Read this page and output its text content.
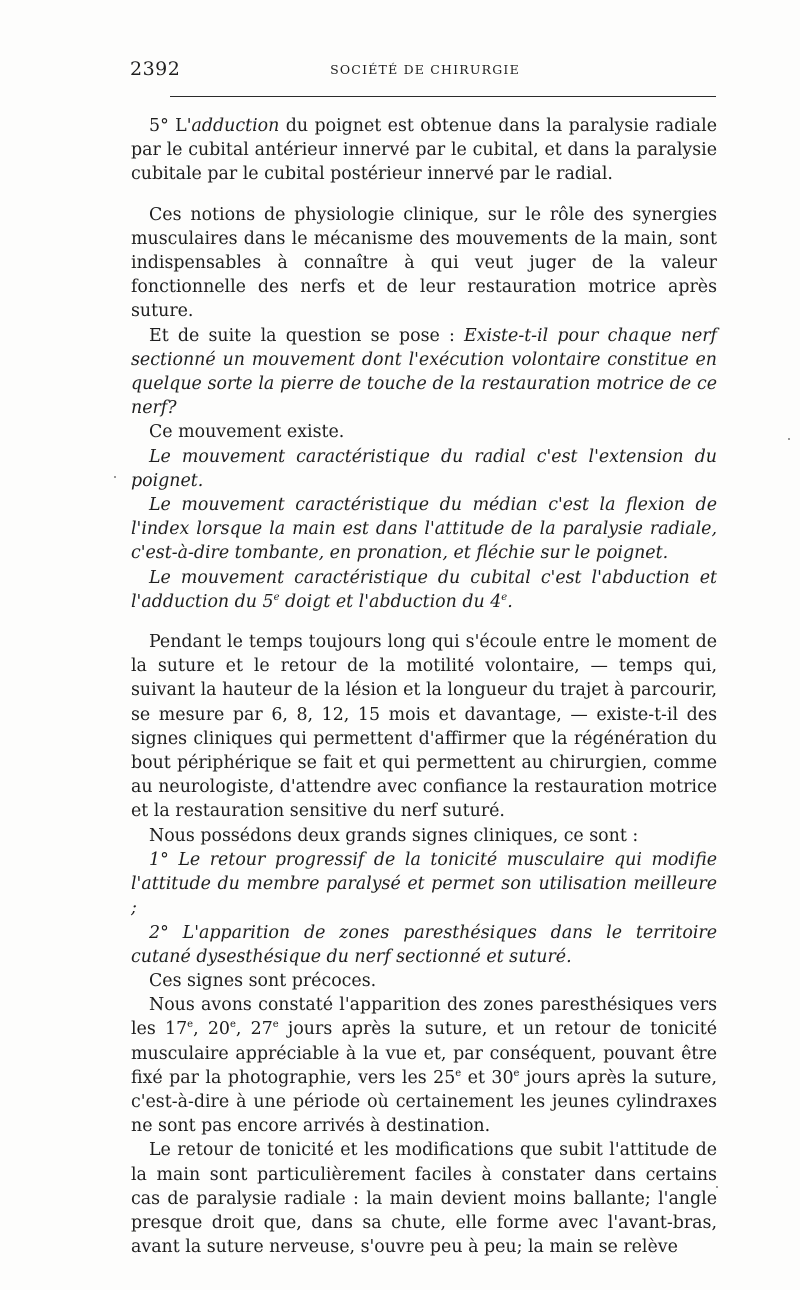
2392	SOCIÉTÉ DE CHIRURGIE

5° L'adduction du poignet est obtenue dans la paralysie radiale par le cubital antérieur innervé par le cubital, et dans la paralysie cubitale par le cubital postérieur innervé par le radial.

Ces notions de physiologie clinique, sur le rôle des synergies musculaires dans le mécanisme des mouvements de la main, sont indispensables à connaître à qui veut juger de la valeur fonctionnelle des nerfs et de leur restauration motrice après suture.

Et de suite la question se pose : Existe-t-il pour chaque nerf sectionné un mouvement dont l'exécution volontaire constitue en quelque sorte la pierre de touche de la restauration motrice de ce nerf?

Ce mouvement existe.

Le mouvement caractéristique du radial c'est l'extension du poignet.

Le mouvement caractéristique du médian c'est la flexion de l'index lorsque la main est dans l'attitude de la paralysie radiale, c'est-à-dire tombante, en pronation, et fléchie sur le poignet.

Le mouvement caractéristique du cubital c'est l'abduction et l'adduction du 5e doigt et l'abduction du 4e.

Pendant le temps toujours long qui s'écoule entre le moment de la suture et le retour de la motilité volontaire, — temps qui, suivant la hauteur de la lésion et la longueur du trajet à parcourir, se mesure par 6, 8, 12, 15 mois et davantage, — existe-t-il des signes cliniques qui permettent d'affirmer que la régénération du bout périphérique se fait et qui permettent au chirurgien, comme au neurologiste, d'attendre avec confiance la restauration motrice et la restauration sensitive du nerf suturé.

Nous possédons deux grands signes cliniques, ce sont :

1° Le retour progressif de la tonicité musculaire qui modifie l'attitude du membre paralysé et permet son utilisation meilleure ;

2° L'apparition de zones paresthésiques dans le territoire cutané dysesthésique du nerf sectionné et suturé.

Ces signes sont précoces.

Nous avons constaté l'apparition des zones paresthésiques vers les 17e, 20e, 27e jours après la suture, et un retour de tonicité musculaire appréciable à la vue et, par conséquent, pouvant être fixé par la photographie, vers les 25e et 30e jours après la suture, c'est-à-dire à une période où certainement les jeunes cylindraxes ne sont pas encore arrivés à destination.

Le retour de tonicité et les modifications que subit l'attitude de la main sont particulièrement faciles à constater dans certains cas de paralysie radiale : la main devient moins ballante; l'angle presque droit que, dans sa chute, elle forme avec l'avant-bras, avant la suture nerveuse, s'ouvre peu à peu; la main se relève
